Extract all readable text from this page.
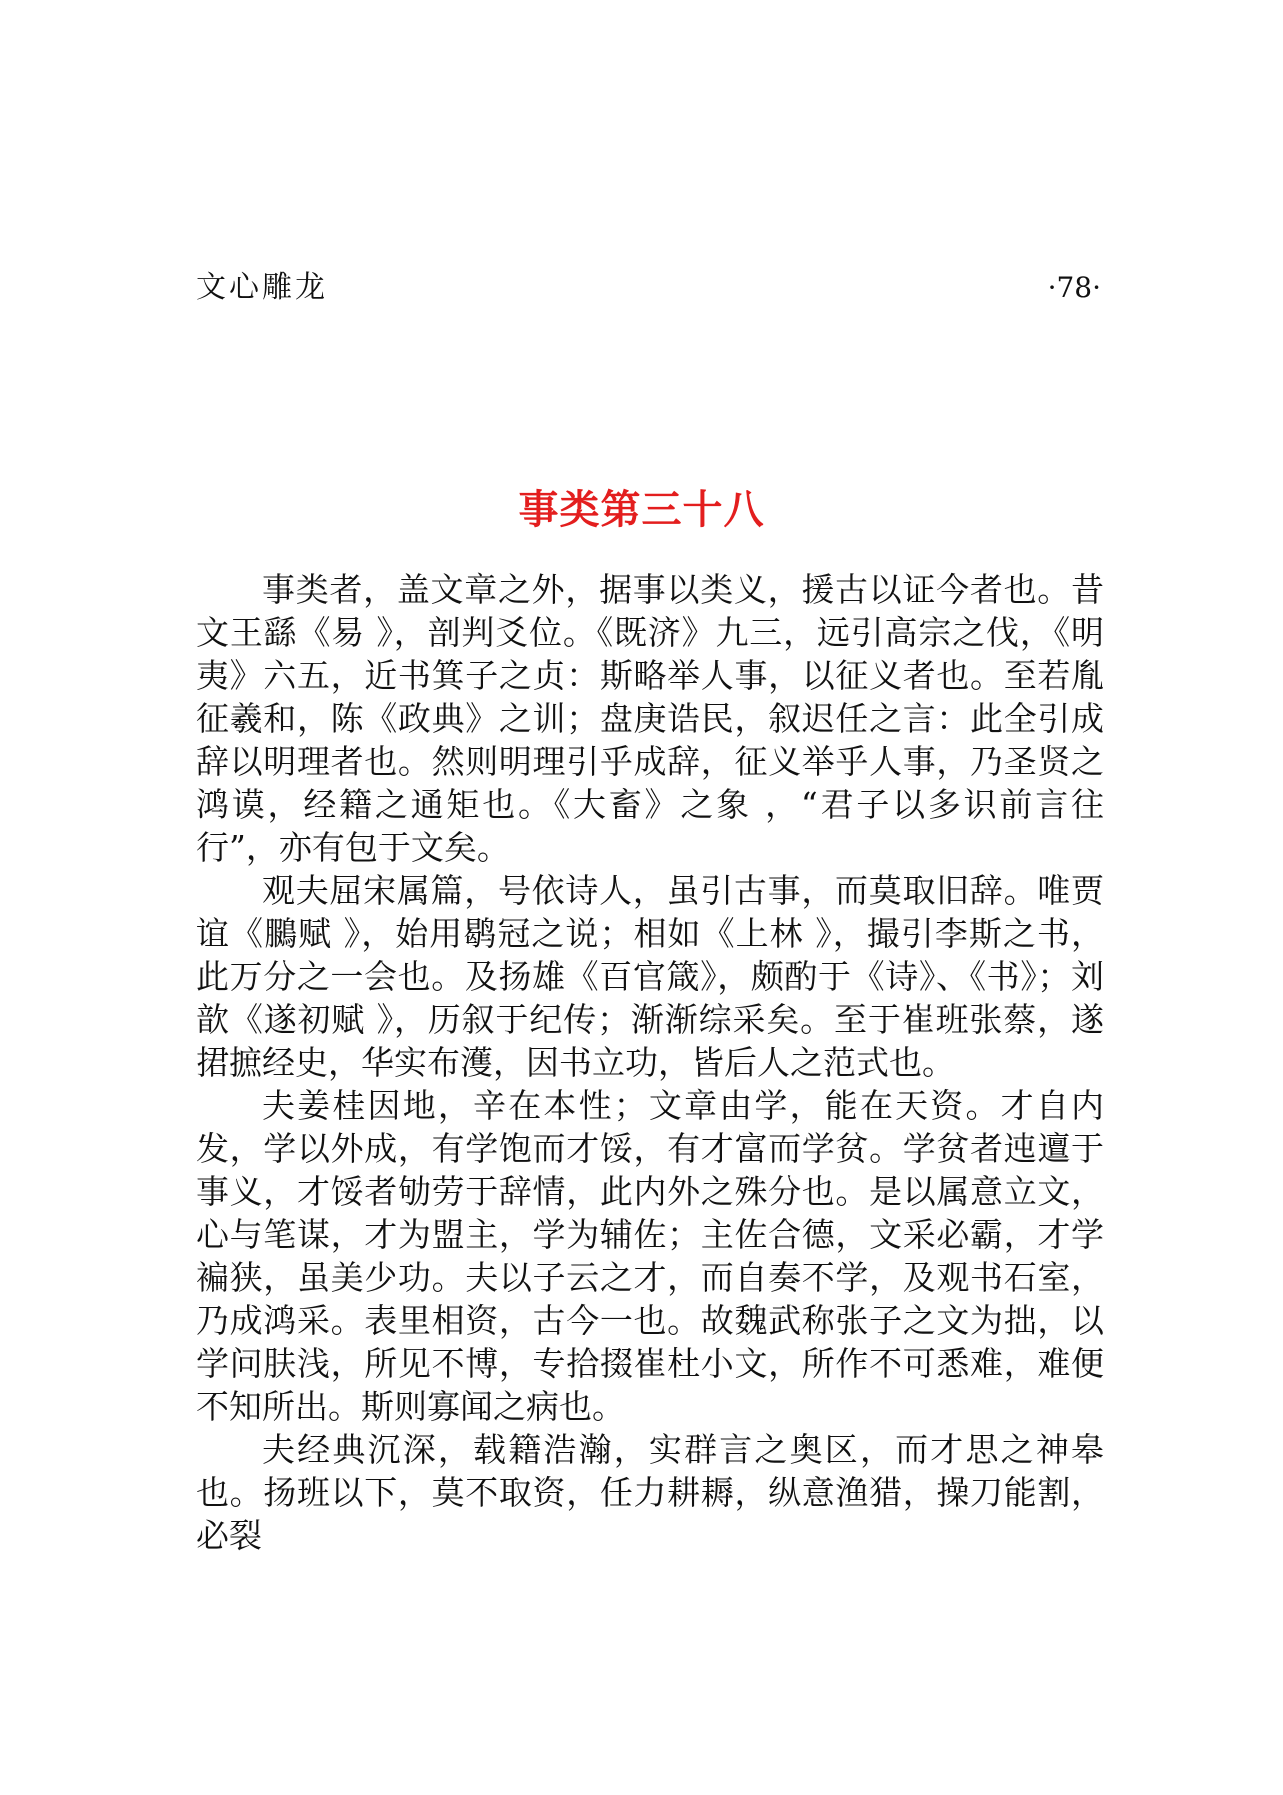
文心雕龙	·78·
事类第三十八

事类者，盖文章之外，据事以类义，援古以证今者也。昔文王繇《易 》，剖判爻位。《既济》九三，远引高宗之伐，《明夷》六五，近书箕子之贞：斯略举人事，以征义者也。至若胤征羲和，陈《政典》之训；盘庚诰民，叙迟任之言：此全引成辞以明理者也。然则明理引乎成辞，征义举乎人事，乃圣贤之鸿谟，经籍之通矩也。《大畜》之象 ，“君子以多识前言往行”，亦有包于文矣。

观夫屈宋属篇，号依诗人，虽引古事，而莫取旧辞。唯贾谊《鵩赋 》，始用鹖冠之说；相如《上林 》，撮引李斯之书，此万分之一会也。及扬雄《百官箴》，颇酌于《诗》、《书》；刘歆《遂初赋 》，历叙于纪传；渐渐综采矣。至于崔班张蔡，遂捃摭经史，华实布濩，因书立功，皆后人之范式也。

夫姜桂因地，辛在本性；文章由学，能在天资。才自内发，学以外成，有学饱而才馁，有才富而学贫。学贫者迍邅于事义，才馁者劬劳于辞情，此内外之殊分也。是以属意立文，心与笔谋，才为盟主，学为辅佐；主佐合德，文采必霸，才学褊狭，虽美少功。夫以子云之才，而自奏不学，及观书石室，乃成鸿采。表里相资，古今一也。故魏武称张子之文为拙，以学问肤浅，所见不博，专拾掇崔杜小文，所作不可悉难，难便不知所出。斯则寡闻之病也。

夫经典沉深，载籍浩瀚，实群言之奥区，而才思之神皋也。扬班以下，莫不取资，任力耕耨，纵意渔猎，操刀能割，必裂
